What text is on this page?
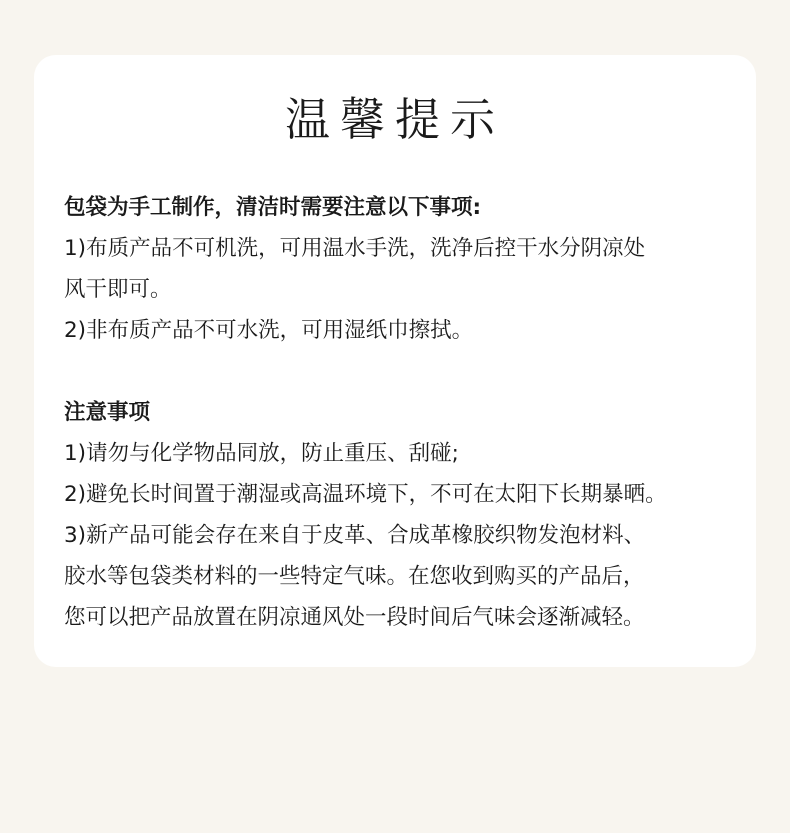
温馨提示
包袋为手工制作，清洁时需要注意以下事项:
1)布质产品不可机洗，可用温水手洗，洗净后控干水分阴凉处
风干即可。
2)非布质产品不可水洗，可用湿纸巾擦拭。
注意事项
1)请勿与化学物品同放，防止重压、刮碰;
2)避免长时间置于潮湿或高温环境下，不可在太阳下长期暴晒。
3)新产品可能会存在来自于皮革、合成革橡胶织物发泡材料、
胶水等包袋类材料的一些特定气味。在您收到购买的产品后，
您可以把产品放置在阴凉通风处一段时间后气味会逐渐减轻。
